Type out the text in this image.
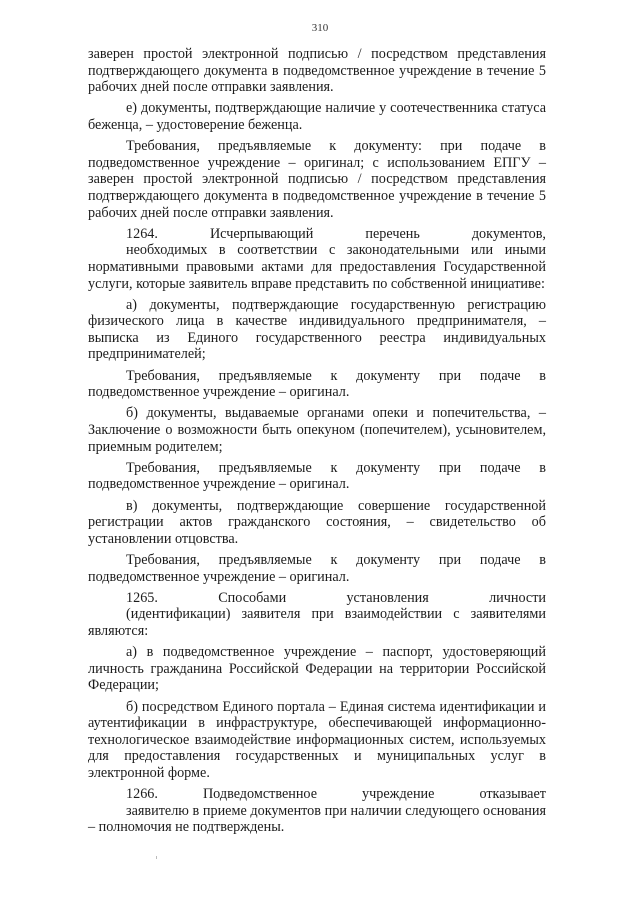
310

заверен простой электронной подписью / посредством представления подтверждающего документа в подведомственное учреждение в течение 5 рабочих дней после отправки заявления.

е) документы, подтверждающие наличие у соотечественника статуса беженца, – удостоверение беженца.

Требования, предъявляемые к документу: при подаче в подведомственное учреждение – оригинал; с использованием ЕПГУ – заверен простой электронной подписью / посредством представления подтверждающего документа в подведомственное учреждение в течение 5 рабочих дней после отправки заявления.

1264.	Исчерпывающий	перечень	документов,

необходимых в соответствии с законодательными или иными нормативными правовыми актами для предоставления Государственной услуги, которые заявитель вправе представить по собственной инициативе:

а) документы, подтверждающие государственную регистрацию физического лица в качестве индивидуального предпринимателя, – выписка из Единого государственного реестра индивидуальных предпринимателей;

Требования, предъявляемые к документу при подаче в подведомственное учреждение – оригинал.

б) документы, выдаваемые органами опеки и попечительства, – Заключение о возможности быть опекуном (попечителем), усыновителем, приемным родителем;

Требования, предъявляемые к документу при подаче в подведомственное учреждение – оригинал.

в) документы, подтверждающие совершение государственной регистрации актов гражданского состояния, – свидетельство об установлении отцовства.

Требования, предъявляемые к документу при подаче в подведомственное учреждение – оригинал.

1265.	Способами	установления	личности

(идентификации) заявителя при взаимодействии с заявителями являются:

а) в подведомственное учреждение – паспорт, удостоверяющий личность гражданина Российской Федерации на территории Российской Федерации;

б) посредством Единого портала – Единая система идентификации и аутентификации в инфраструктуре, обеспечивающей информационно-технологическое взаимодействие информационных систем, используемых для предоставления государственных и муниципальных услуг в электронной форме.

1266.	Подведомственное	учреждение	отказывает

заявителю в приеме документов при наличии следующего основания – полномочия не подтверждены.
